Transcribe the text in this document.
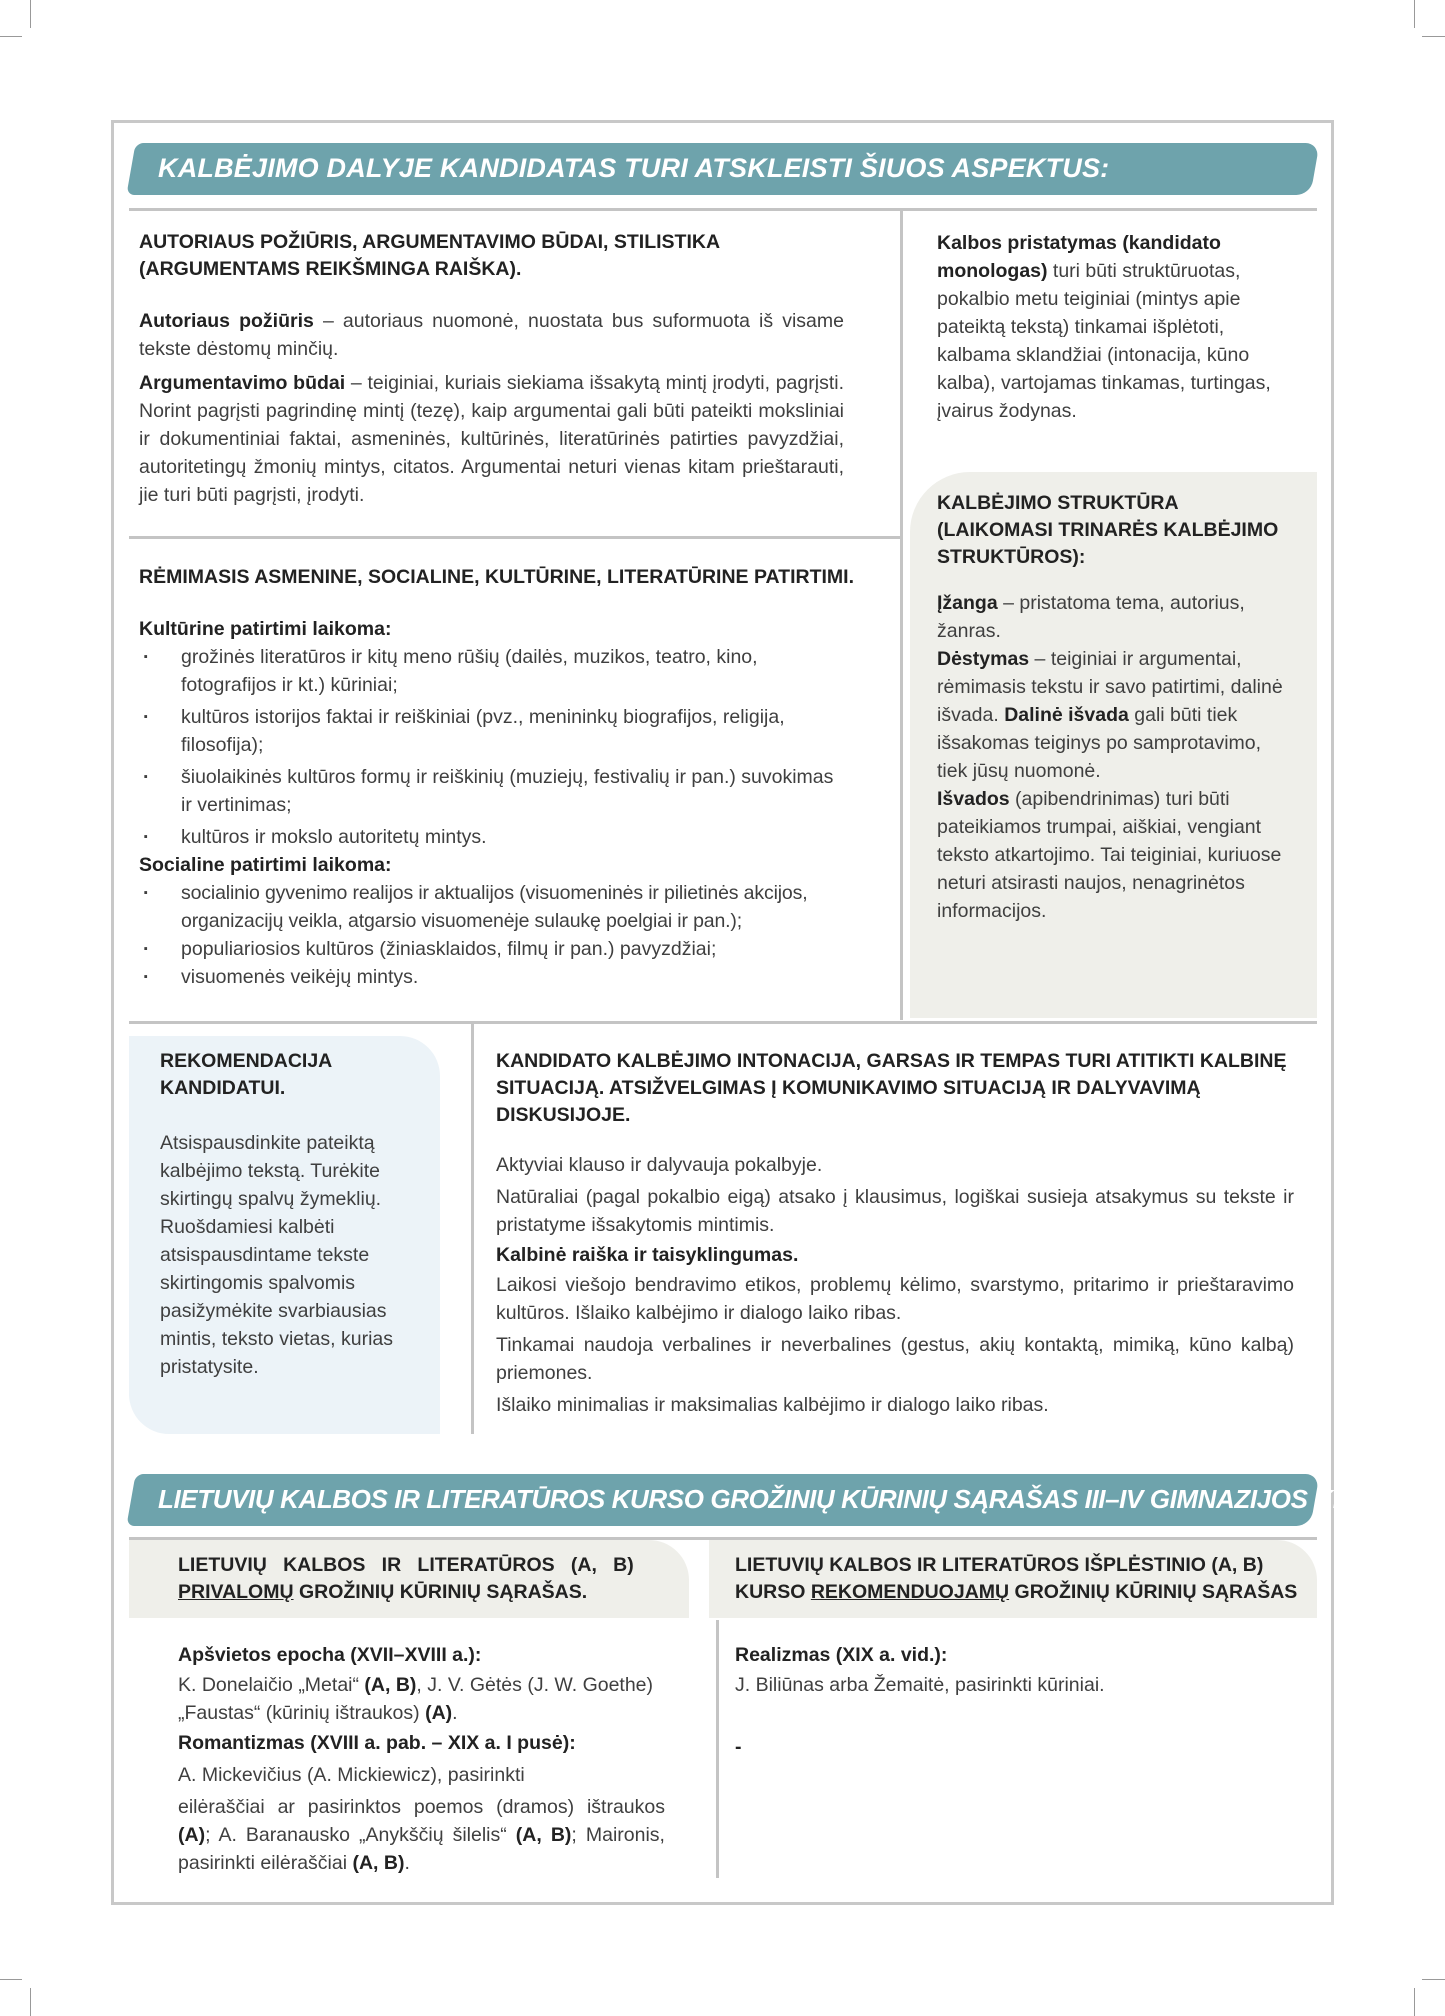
KALBĖJIMO DALYJE KANDIDATAS TURI ATSKLEISTI ŠIUOS ASPEKTUS:
AUTORIAUS POŽIŪRIS, ARGUMENTAVIMO BŪDAI, STILISTIKA
(ARGUMENTAMS REIKŠMINGA RAIŠKA).

Autoriaus požiūris – autoriaus nuomonė, nuostata bus suformuota iš visame tekste dėstomų minčių.

Argumentavimo būdai – teiginiai, kuriais siekiama išsakytą mintį įrodyti, pagrįsti. Norint pagrįsti pagrindinę mintį (tezę), kaip argumentai gali būti pateikti moksliniai ir dokumentiniai faktai, asmeninės, kultūrinės, literatūrinės patirties pavyzdžiai, autoritetingų žmonių mintys, citatos. Argumentai neturi vienas kitam prieštarauti, jie turi būti pagrįsti, įrodyti.

RĖMIMASIS ASMENINE, SOCIALINE, KULTŪRINE, LITERATŪRINE PATIRTIMI.
Kultūrine patirtimi laikoma:
· grožinės literatūros ir kitų meno rūšių (dailės, muzikos, teatro, kino, fotografijos ir kt.) kūriniai;
· kultūros istorijos faktai ir reiškiniai (pvz., menininkų biografijos, religija, filosofija);
· šiuolaikinės kultūros formų ir reiškinių (muziejų, festivalių ir pan.) suvokimas ir vertinimas;
· kultūros ir mokslo autoritetų mintys.
Socialine patirtimi laikoma:
· socialinio gyvenimo realijos ir aktualijos (visuomeninės ir pilietinės akcijos, organizacijų veikla, atgarsio visuomenėje sulaukę poelgiai ir pan.);
· populiariosios kultūros (žiniasklaidos, filmų ir pan.) pavyzdžiai;
· visuomenės veikėjų mintys.

Kalbos pristatymas (kandidato monologas) turi būti struktūruotas, pokalbio metu teiginiai (mintys apie pateiktą tekstą) tinkamai išplėtoti, kalbama sklandžiai (intonacija, kūno kalba), vartojamas tinkamas, turtingas, įvairus žodynas.

KALBĖJIMO STRUKTŪRA
(LAIKOMASI TRINARĖS KALBĖJIMO
STRUKTŪROS):

Įžanga – pristatoma tema, autorius, žanras.

Dėstymas – teiginiai ir argumentai, rėmimasis tekstu ir savo patirtimi, dalinė išvada. Dalinė išvada gali būti tiek išsakomas teiginys po samprotavimo, tiek jūsų nuomonė.

Išvados (apibendrinimas) turi būti pateikiamos trumpai, aiškiai, vengiant teksto atkartojimo. Tai teiginiai, kuriuose neturi atsirasti naujos, nenagrinėtos informacijos.

REKOMENDACIJA
KANDIDATUI.

Atsispausdinkite pateiktą kalbėjimo tekstą. Turėkite skirtingų spalvų žymeklių. Ruošdamiesi kalbėti atsispausdintame tekste skirtingomis spalvomis pasižymėkite svarbiausias mintis, teksto vietas, kurias pristatysite.

KANDIDATO KALBĖJIMO INTONACIJA, GARSAS IR TEMPAS TURI ATITIKTI KALBINĘ SITUACIJĄ. ATSIŽVELGIMAS Į KOMUNIKAVIMO SITUACIJĄ IR DALYVAVIMĄ DISKUSIJOJE.

Aktyviai klauso ir dalyvauja pokalbyje.

Natūraliai (pagal pokalbio eigą) atsako į klausimus, logiškai susieja atsakymus su tekste ir pristatyme išsakytomis mintimis.

Kalbinė raiška ir taisyklingumas.

Laikosi viešojo bendravimo etikos, problemų kėlimo, svarstymo, pritarimo ir prieštaravimo kultūros. Išlaiko kalbėjimo ir dialogo laiko ribas.

Tinkamai naudoja verbalines ir neverbalines (gestus, akių kontaktą, mimiką, kūno kalbą) priemones.

Išlaiko minimalias ir maksimalias kalbėjimo ir dialogo laiko ribas.

LIETUVIŲ KALBOS IR LITERATŪROS KURSO GROŽINIŲ KŪRINIŲ SĄRAŠAS III–IV GIMNAZIJOS KLASĖMS
LIETUVIŲ   KALBOS   IR   LITERATŪROS   (A,   B)
PRIVALOMŲ GROŽINIŲ KŪRINIŲ SĄRAŠAS.

Apšvietos epocha (XVII–XVIII a.):

K. Donelaičio „Metai“ (A, B), J. V. Gėtės (J. W. Goethe) „Faustas“ (kūrinių ištraukos) (A).

Romantizmas (XVIII a. pab. – XIX a. I pusė):

A. Mickevičius (A. Mickiewicz), pasirinkti

eilėraščiai ar pasirinktos poemos (dramos) ištraukos (A); A. Baranausko „Anykščių šilelis“ (A, B); Maironis, pasirinkti eilėraščiai (A, B).

LIETUVIŲ KALBOS IR LITERATŪROS IŠPLĖSTINIO (A, B)
KURSO REKOMENDUOJAMŲ GROŽINIŲ KŪRINIŲ SĄRAŠAS

Realizmas (XIX a. vid.):

J. Biliūnas arba Žemaitė, pasirinkti kūriniai.

-
